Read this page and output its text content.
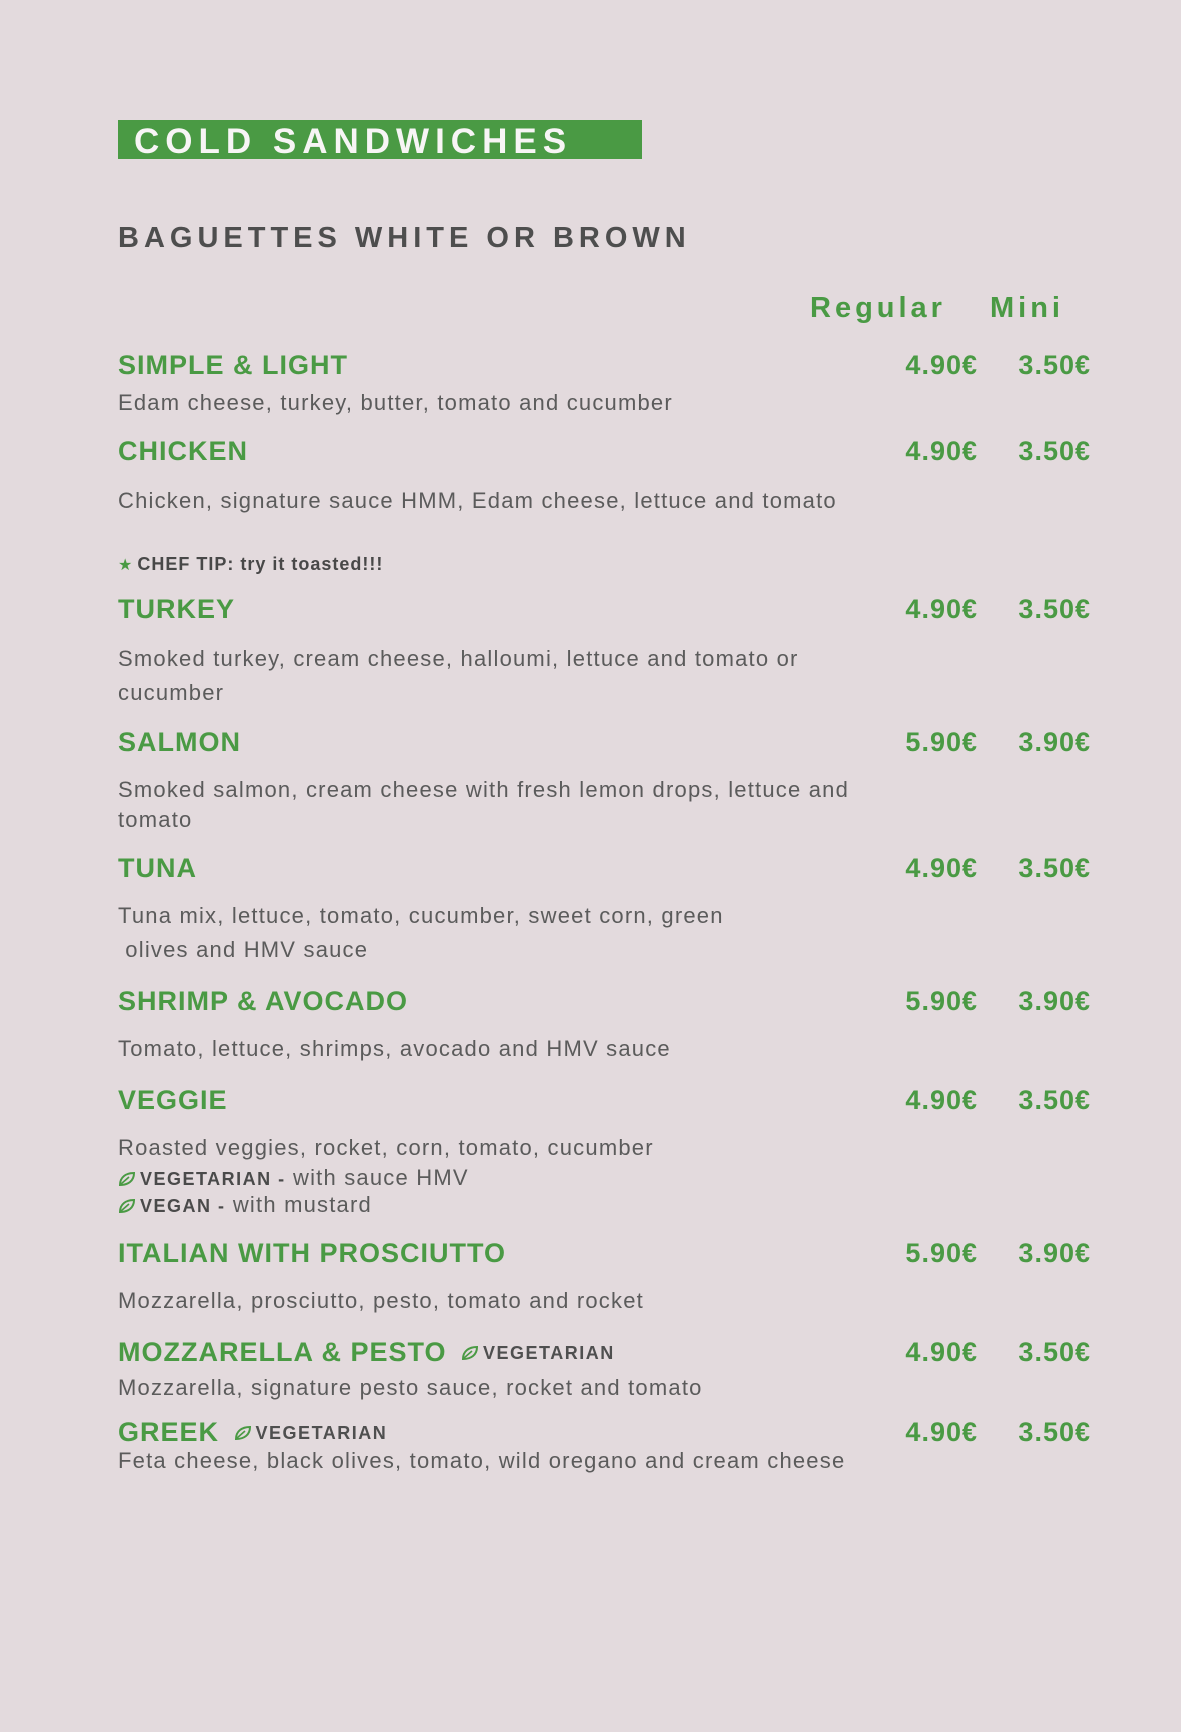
COLD SANDWICHES
BAGUETTES WHITE OR BROWN
Regular Mini
SIMPLE & LIGHT	4.90€	3.50€
Edam cheese, turkey, butter, tomato and cucumber
CHICKEN	4.90€	3.50€
Chicken, signature sauce HMM, Edam cheese, lettuce and tomato
★ CHEF TIP: try it toasted!!!
TURKEY	4.90€	3.50€
Smoked turkey, cream cheese, halloumi, lettuce and tomato or cucumber
SALMON	5.90€	3.90€
Smoked salmon, cream cheese with fresh lemon drops, lettuce and tomato
TUNA	4.90€	3.50€
Tuna mix, lettuce, tomato, cucumber, sweet corn, green
olives and HMV sauce
SHRIMP & AVOCADO	5.90€	3.90€
Tomato, lettuce, shrimps, avocado and HMV sauce
VEGGIE	4.90€	3.50€
Roasted veggies, rocket, corn, tomato, cucumber
VEGETARIAN - with sauce HMV
VEGAN - with mustard
ITALIAN WITH PROSCIUTTO	5.90€	3.90€
Mozzarella, prosciutto, pesto, tomato and rocket
MOZZARELLA & PESTO VEGETARIAN	4.90€	3.50€
Mozzarella, signature pesto sauce, rocket and tomato
GREEK VEGETARIAN	4.90€	3.50€
Feta cheese, black olives, tomato, wild oregano and cream cheese
